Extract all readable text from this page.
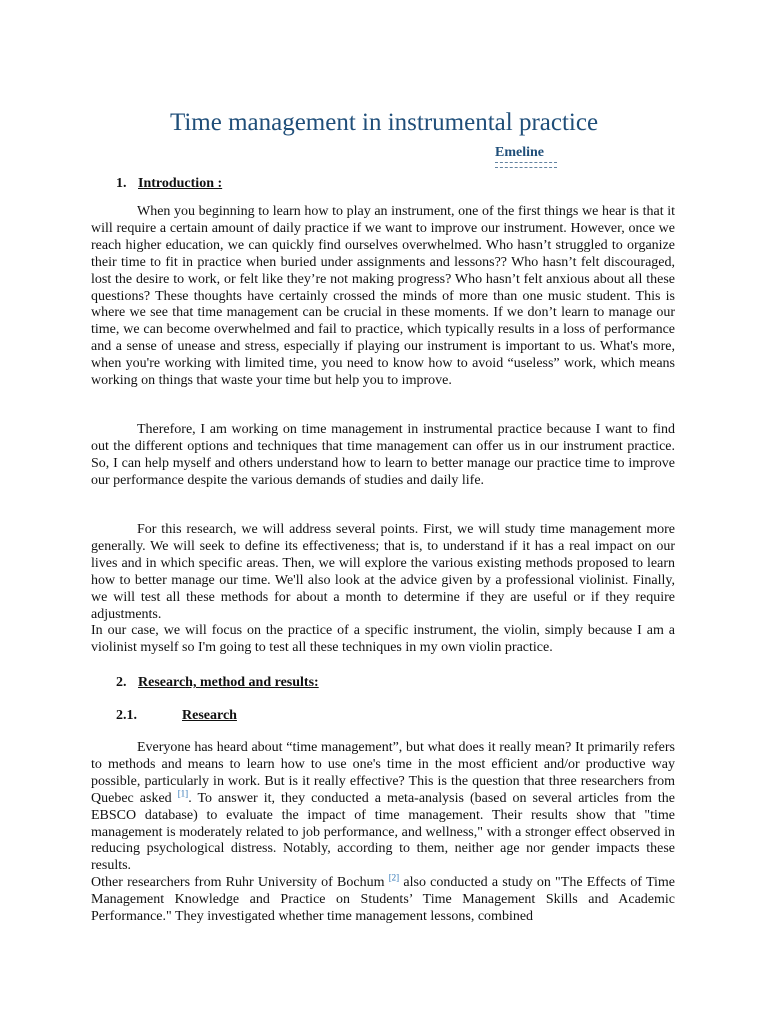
Time management in instrumental practice
Emeline
1. Introduction :

When you beginning to learn how to play an instrument, one of the first things we hear is that it will require a certain amount of daily practice if we want to improve our instrument. However, once we reach higher education, we can quickly find ourselves overwhelmed. Who hasn’t struggled to organize their time to fit in practice when buried under assignments and lessons?? Who hasn’t felt discouraged, lost the desire to work, or felt like they’re not making progress? Who hasn’t felt anxious about all these questions? These thoughts have certainly crossed the minds of more than one music student. This is where we see that time management can be crucial in these moments. If we don’t learn to manage our time, we can become overwhelmed and fail to practice, which typically results in a loss of performance and a sense of unease and stress, especially if playing our instrument is important to us. What's more, when you're working with limited time, you need to know how to avoid “useless” work, which means working on things that waste your time but help you to improve.

Therefore, I am working on time management in instrumental practice because I want to find out the different options and techniques that time management can offer us in our instrument practice. So, I can help myself and others understand how to learn to better manage our practice time to improve our performance despite the various demands of studies and daily life.

For this research, we will address several points. First, we will study time management more generally. We will seek to define its effectiveness; that is, to understand if it has a real impact on our lives and in which specific areas. Then, we will explore the various existing methods proposed to learn how to better manage our time. We'll also look at the advice given by a professional violinist. Finally, we will test all these methods for about a month to determine if they are useful or if they require adjustments.

In our case, we will focus on the practice of a specific instrument, the violin, simply because I am a violinist myself so I'm going to test all these techniques in my own violin practice.

2. Research, method and results:
2.1.	Research

Everyone has heard about “time management”, but what does it really mean? It primarily refers to methods and means to learn how to use one's time in the most efficient and/or productive way possible, particularly in work. But is it really effective? This is the question that three researchers from Quebec asked [1]. To answer it, they conducted a meta-analysis (based on several articles from the EBSCO database) to evaluate the impact of time management. Their results show that "time management is moderately related to job performance, and wellness," with a stronger effect observed in reducing psychological distress. Notably, according to them, neither age nor gender impacts these results.

Other researchers from Ruhr University of Bochum [2] also conducted a study on "The Effects of Time Management Knowledge and Practice on Students’ Time Management Skills and Academic Performance." They investigated whether time management lessons, combined
